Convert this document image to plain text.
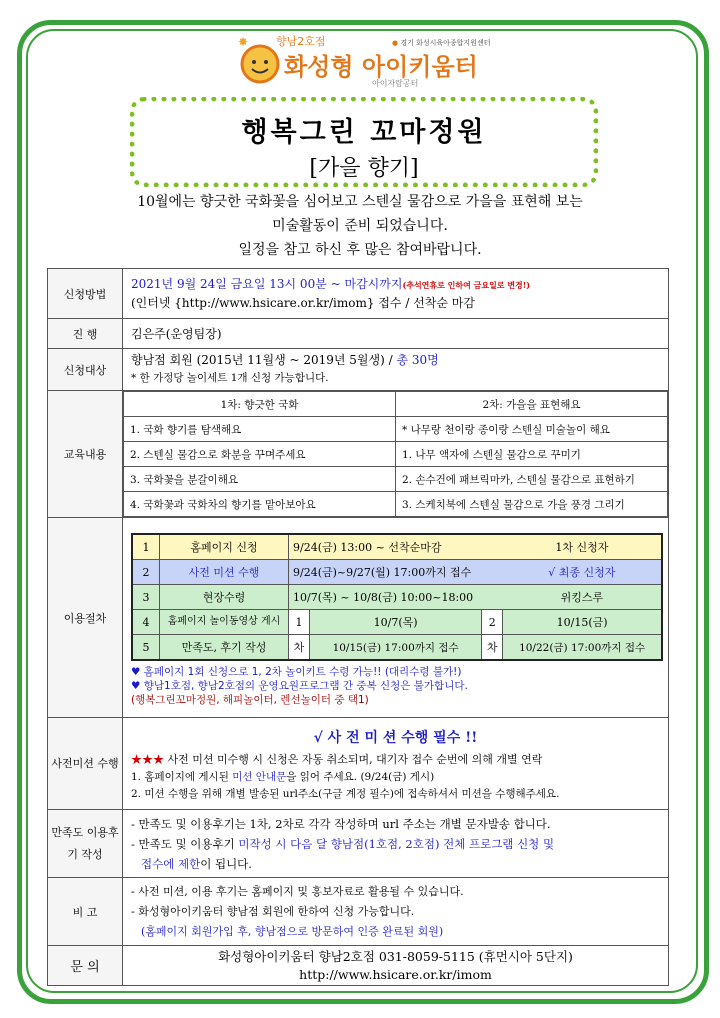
✸	향남2호점
화성형 아이키움터
아이자람공터
● 경기 화성시육아종합지원센터
행복그린 꼬마정원
[가을 향기]
10월에는 향긋한 국화꽃을 심어보고 스텐실 물감으로 가을을 표현해 보는
미술활동이 준비 되었습니다.
일정을 참고 하신 후 많은 참여바랍니다.
신청방법	2021년 9월 24일 금요일 13시 00분 ~ 마감시까지(추석연휴로 인하여 금요일로 변경!)
(인터넷 {http://www.hsicare.or.kr/imom} 접수 / 선착순 마감
진 행	김은주(운영팀장)
신청대상	향남점 회원 (2015년 11월생 ~ 2019년 5월생) / 총 30명
* 한 가정당 놀이세트 1개 신청 가능합니다.
교육내용	
1차: 향긋한 국화	2차: 가을을 표현해요
1. 국화 향기를 탐색해요	* 나무랑 천이랑 종이랑 스텐실 미술놀이 해요
2. 스텐실 물감으로 화분을 꾸며주세요	1. 나무 액자에 스텐실 물감으로 꾸미기
3. 국화꽃을 분갈이해요	2. 손수건에 패브릭마카, 스텐실 물감으로 표현하기
4. 국화꽃과 국화차의 향기를 맡아보아요	3. 스케치북에 스텐실 물감으로 가을 풍경 그리기

이용절차	
1	홈페이지 신청	9/24(금) 13:00 ~ 선착순마감	1차 신청자
2	사전 미션 수행	9/24(금)~9/27(월) 17:00까지 접수	√ 최종 신청자
3	현장수령	10/7(목) ~ 10/8(금) 10:00~18:00	위킹스루
4	홈페이지 놀이동영상 게시	1	10/7(목)	2	10/15(금)
5	만족도, 후기 작성	차	10/15(금) 17:00까지 접수	차	10/22(금) 17:00까지 접수
♥ 홈페이지 1회 신청으로 1, 2차 놀이키트 수령 가능!! (대리수령 불가!)
♥ 향남1호점, 향남2호점의 운영요원프로그램 간 중복 신청은 불가합니다.
(행복그린꼬마정원, 해피놀이터, 렌선놀이터 중 택1)

사전미션 수행	
√ 사 전 미 션 수행 필수 !!
★★★ 사전 미션 미수행 시 신청은 자동 취소되며, 대기자 접수 순번에 의해 개별 연락
1. 홈페이지에 게시된 미션 안내문을 읽어 주세요. (9/24(금) 게시)
2. 미션 수행을 위해 개별 발송된 url주소(구글 계정 필수)에 접속하셔서 미션을 수행해주세요.

만족도 이용후기 작성	
- 만족도 및 이용후기는 1차, 2차로 각각 작성하며 url 주소는 개별 문자발송 합니다.
- 만족도 및 이용후기 미작성 시 다음 달 향남점(1호점, 2호점) 전체 프로그램 신청 및
접수에 제한이 됩니다.

비 고	
- 사전 미션, 이용 후기는 홈페이지 및 홍보자료로 활용될 수 있습니다.
- 화성형아이키움터 향남점 회원에 한하여 신청 가능합니다.
(홈페이지 회원가입 후, 향남점으로 방문하여 인증 완료된 회원)

문 의	
화성형아이키움터 향남2호점 031-8059-5115 (휴먼시아 5단지)
http://www.hsicare.or.kr/imom
